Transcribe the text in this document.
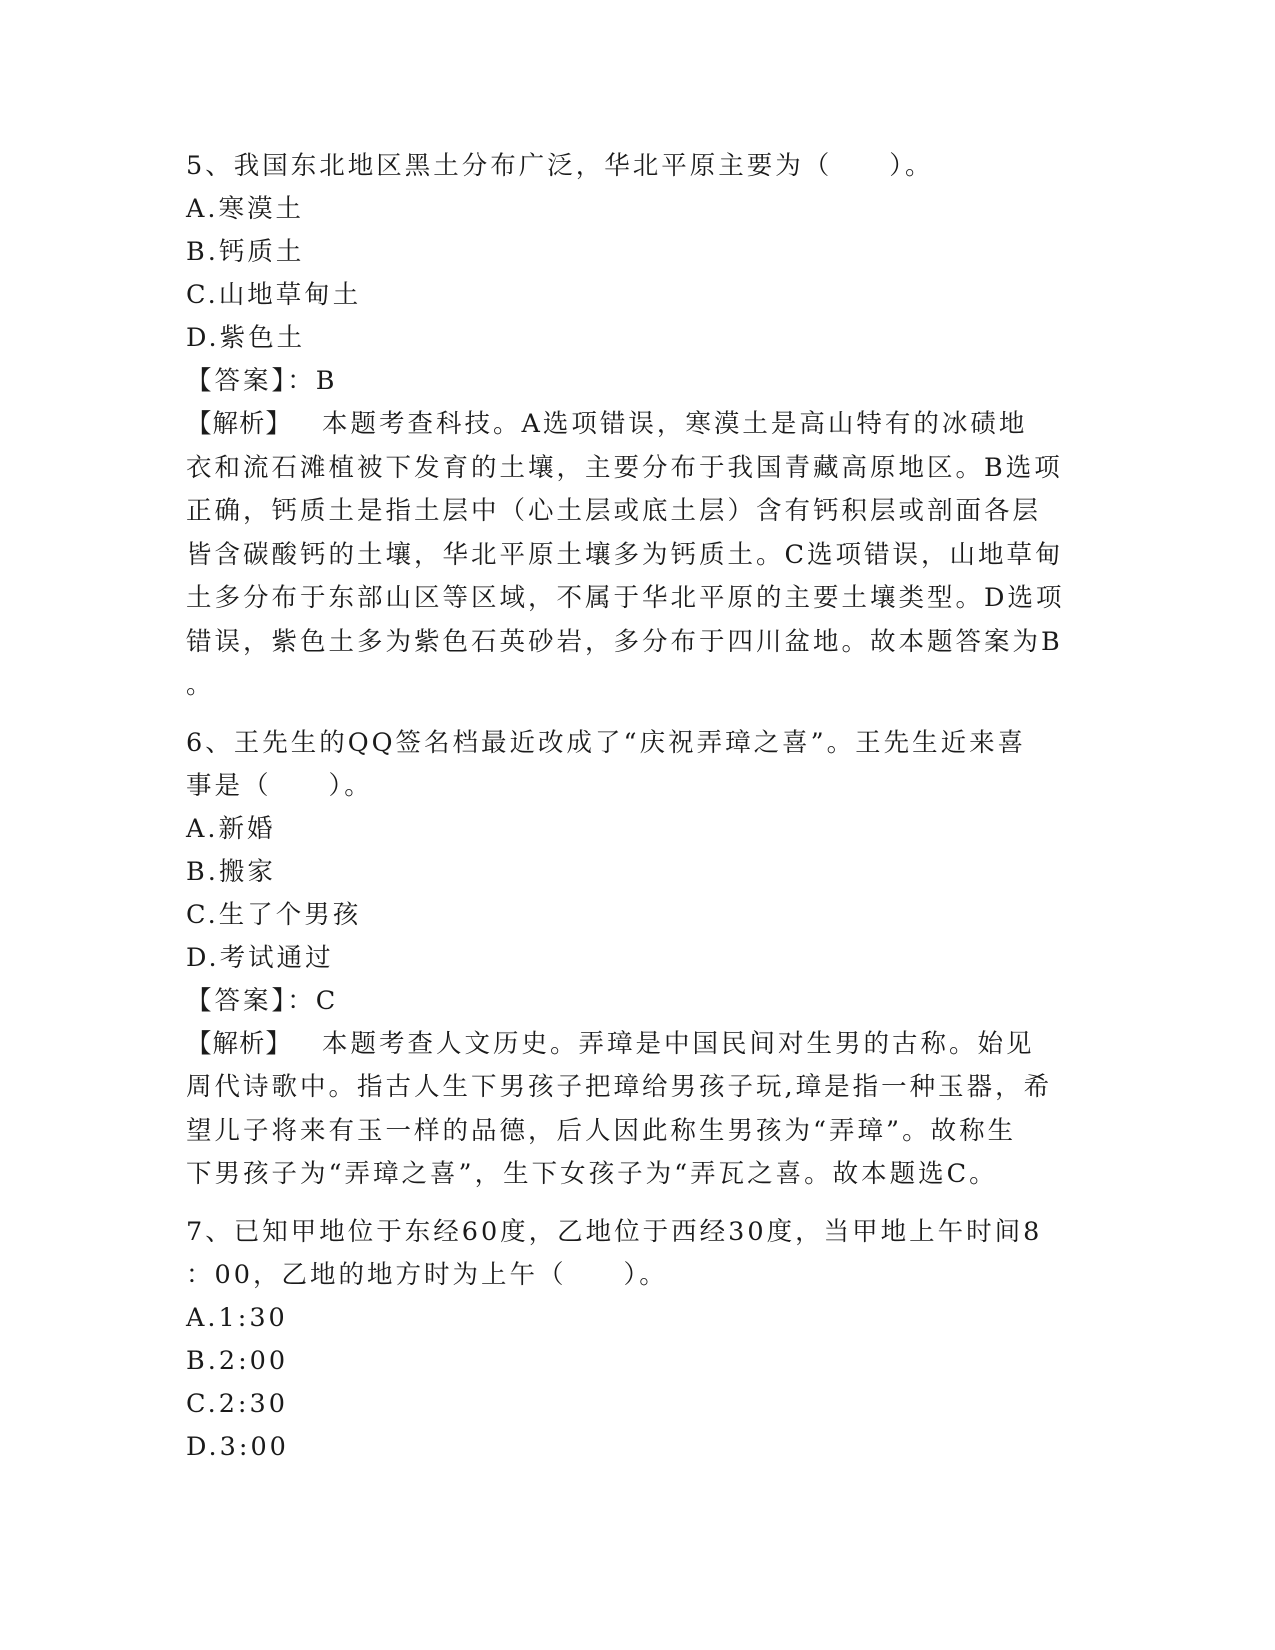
5、我国东北地区黑土分布广泛，华北平原主要为（　　）。
A.寒漠土
B.钙质土
C.山地草甸土
D.紫色土
【答案】：B
【解析】 本题考查科技。A选项错误，寒漠土是高山特有的冰碛地
衣和流石滩植被下发育的土壤，主要分布于我国青藏高原地区。B选项
正确，钙质土是指土层中（心土层或底土层）含有钙积层或剖面各层
皆含碳酸钙的土壤，华北平原土壤多为钙质土。C选项错误，山地草甸
土多分布于东部山区等区域，不属于华北平原的主要土壤类型。D选项
错误，紫色土多为紫色石英砂岩，多分布于四川盆地。故本题答案为B
。
6、王先生的QQ签名档最近改成了“庆祝弄璋之喜”。王先生近来喜
事是（　　）。
A.新婚
B.搬家
C.生了个男孩
D.考试通过
【答案】：C
【解析】 本题考查人文历史。弄璋是中国民间对生男的古称。始见
周代诗歌中。指古人生下男孩子把璋给男孩子玩,璋是指一种玉器，希
望儿子将来有玉一样的品德，后人因此称生男孩为“弄璋”。故称生
下男孩子为“弄璋之喜”，生下女孩子为“弄瓦之喜。故本题选C。
7、已知甲地位于东经60度，乙地位于西经30度，当甲地上午时间8
：00，乙地的地方时为上午（　　）。
A.1:30
B.2:00
C.2:30
D.3:00
